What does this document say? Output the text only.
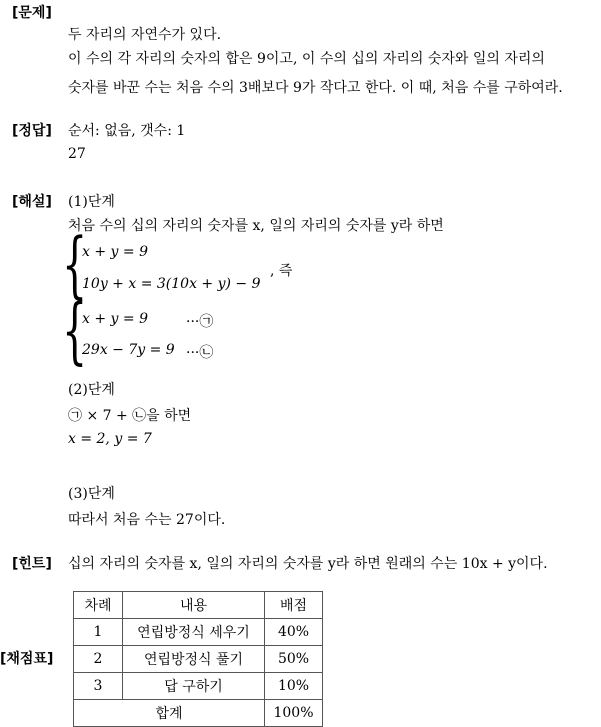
[문제]
두 자리의 자연수가 있다.
이 수의 각 자리의 숫자의 합은 9이고, 이 수의 십의 자리의 숫자와 일의 자리의
숫자를 바꾼 수는 처음 수의 3배보다 9가 작다고 한다. 이 때, 처음 수를 구하여라.
[정답] 순서: 없음, 갯수: 1
27
[해설] (1)단계
처음 수의 십의 자리의 숫자를 x, 일의 자리의 숫자를 y라 하면
{
x + y = 9
10y + x = 3(10x + y) − 9
, 즉
{
x + y = 9	···㉠
29x − 7y = 9 ···㉡
(2)단계
㉠ × 7 + ㉡을 하면
x = 2, y = 7
(3)단계
따라서 처음 수는 27이다.
[힌트] 십의 자리의 숫자를 x, 일의 자리의 숫자를 y라 하면 원래의 수는 10x + y이다.
[채점표]
차례	내용	배점
1	연립방정식 세우기	40%
2	연립방정식 풀기	50%
3	답 구하기	10%
합계		100%
